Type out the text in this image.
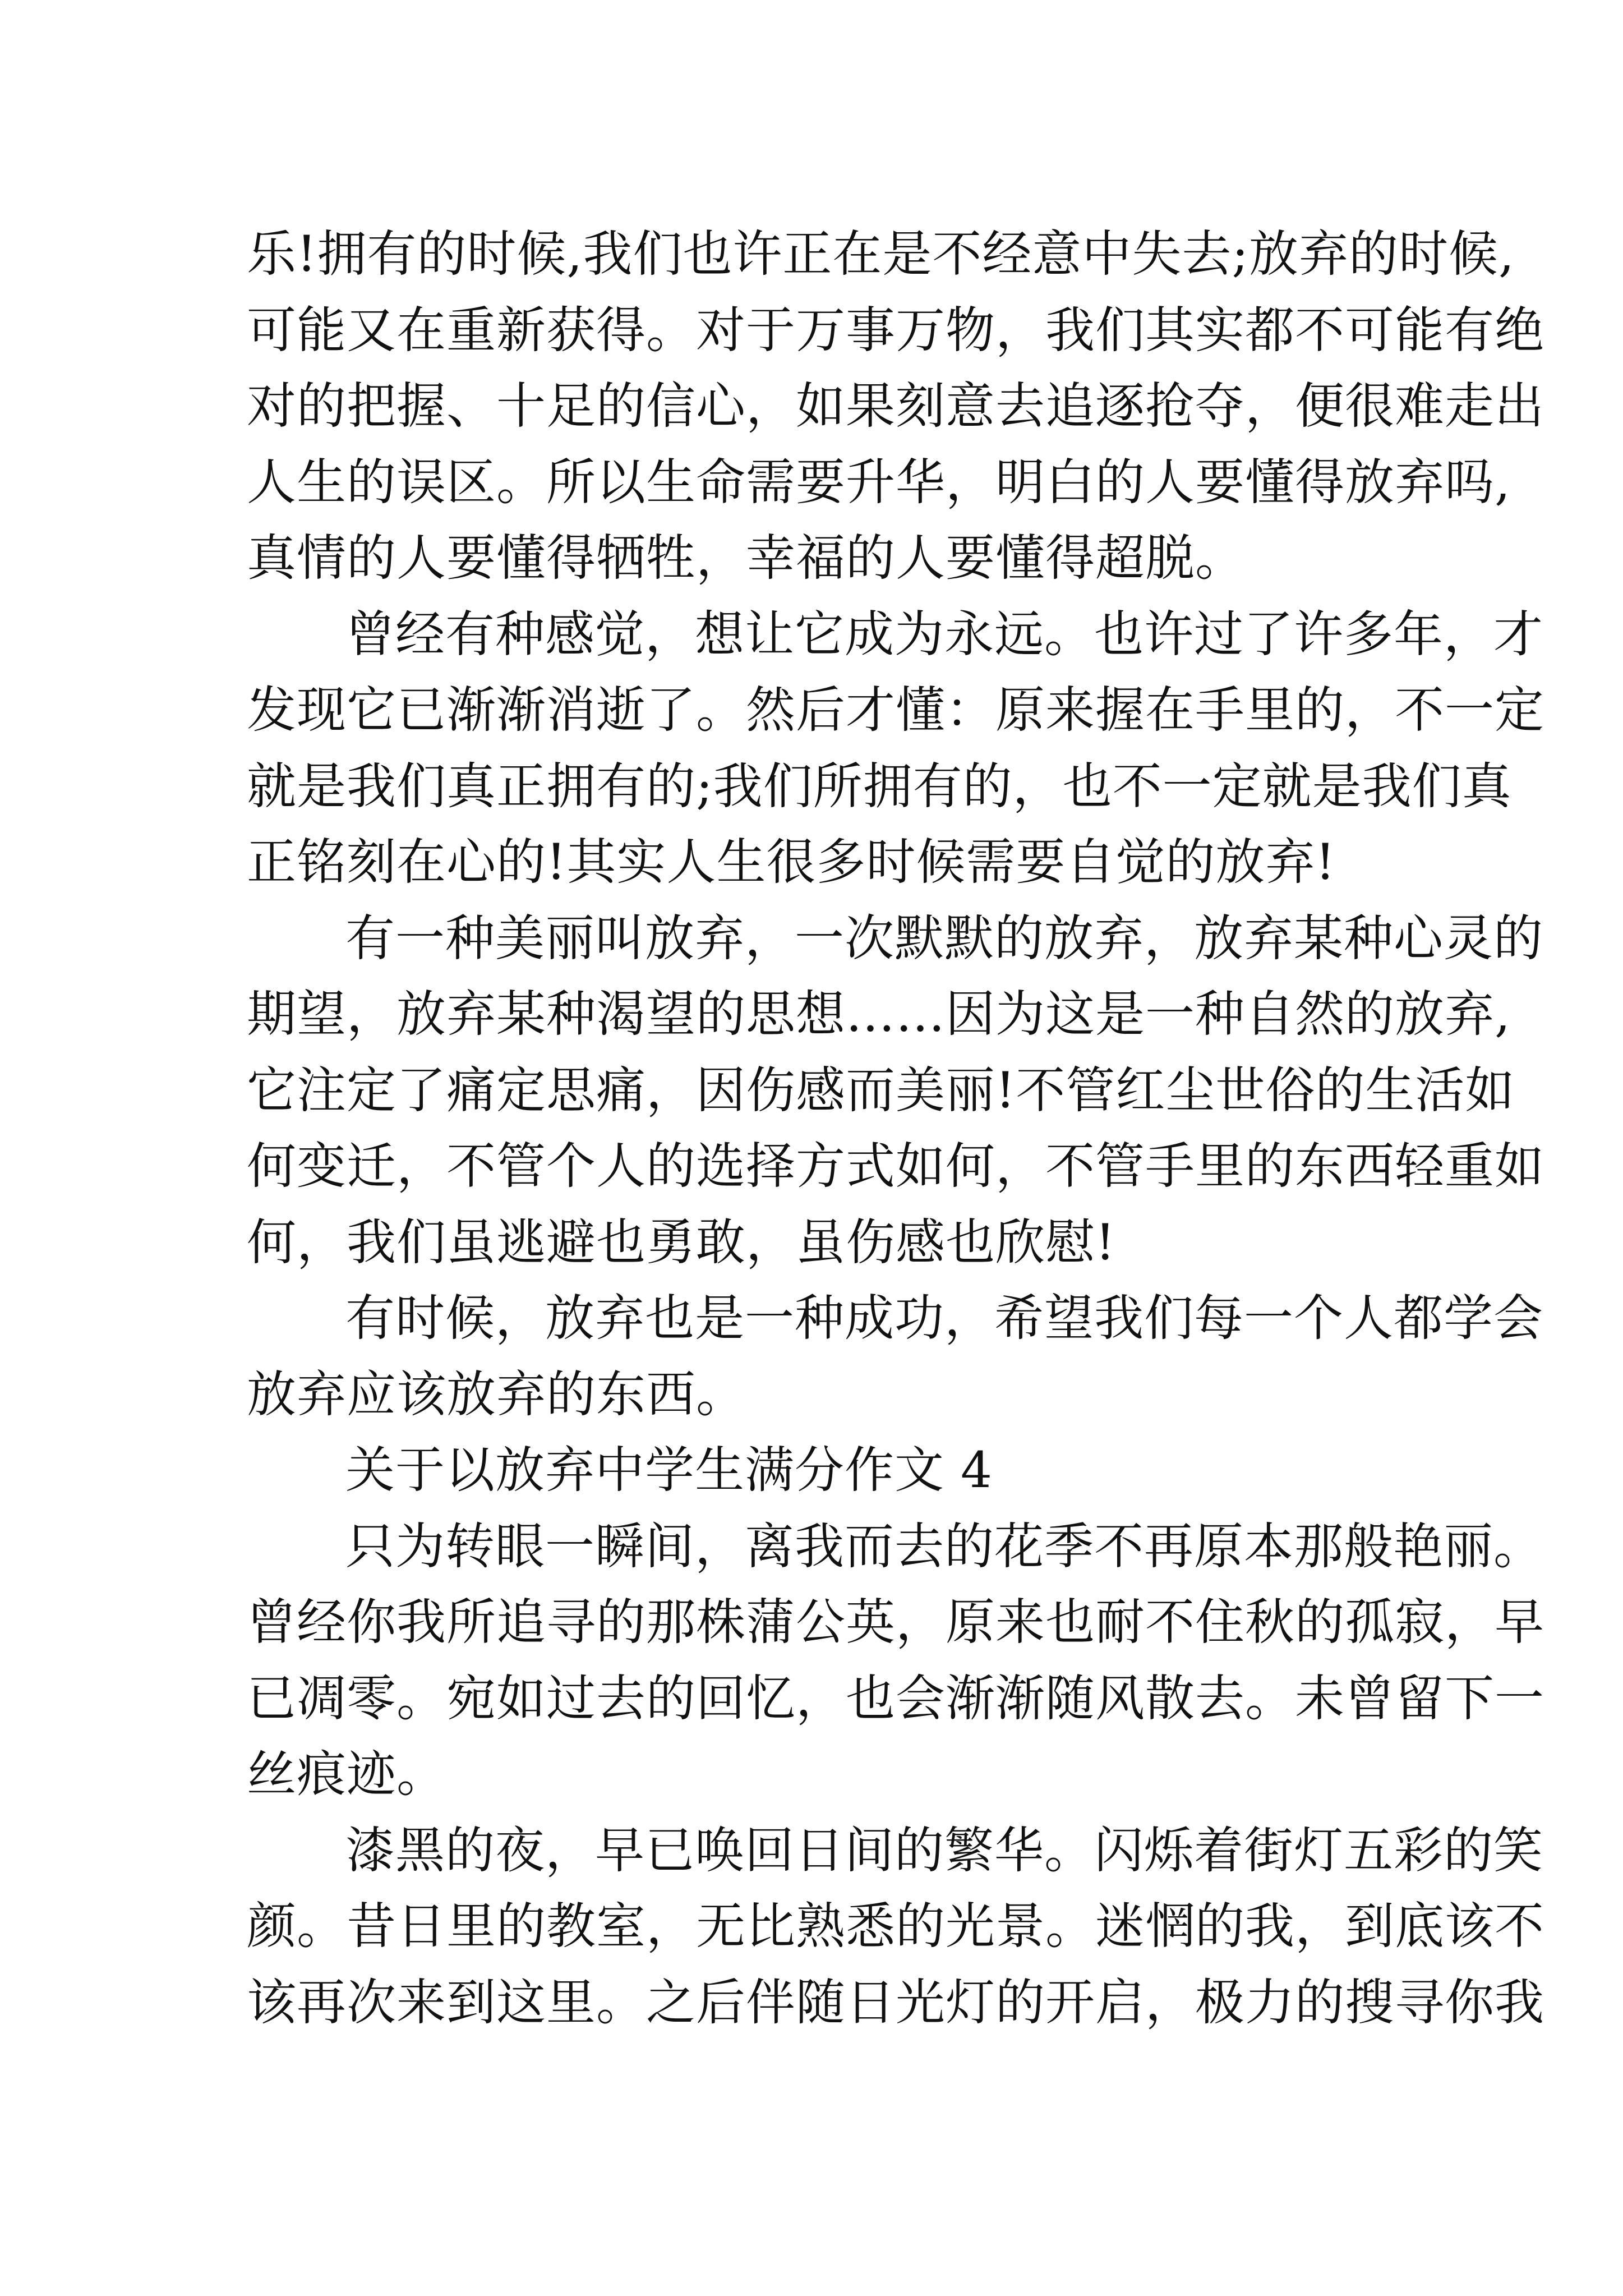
乐!拥有的时候,我们也许正在是不经意中失去;放弃的时候,
可能又在重新获得。对于万事万物，我们其实都不可能有绝
对的把握、十足的信心，如果刻意去追逐抢夺，便很难走出
人生的误区。所以生命需要升华，明白的人要懂得放弃吗,
真情的人要懂得牺牲，幸福的人要懂得超脱。
曾经有种感觉，想让它成为永远。也许过了许多年，才
发现它已渐渐消逝了。然后才懂：原来握在手里的，不一定
就是我们真正拥有的;我们所拥有的，也不一定就是我们真
正铭刻在心的!其实人生很多时候需要自觉的放弃!
有一种美丽叫放弃，一次默默的放弃，放弃某种心灵的
期望，放弃某种渴望的思想……因为这是一种自然的放弃,
它注定了痛定思痛，因伤感而美丽!不管红尘世俗的生活如
何变迁，不管个人的选择方式如何，不管手里的东西轻重如
何，我们虽逃避也勇敢，虽伤感也欣慰!
有时候，放弃也是一种成功，希望我们每一个人都学会
放弃应该放弃的东西。
关于以放弃中学生满分作文 4
只为转眼一瞬间，离我而去的花季不再原本那般艳丽。
曾经你我所追寻的那株蒲公英，原来也耐不住秋的孤寂，早
已凋零。宛如过去的回忆，也会渐渐随风散去。未曾留下一
丝痕迹。
漆黑的夜，早已唤回日间的繁华。闪烁着街灯五彩的笑
颜。昔日里的教室，无比熟悉的光景。迷惘的我，到底该不
该再次来到这里。之后伴随日光灯的开启，极力的搜寻你我
